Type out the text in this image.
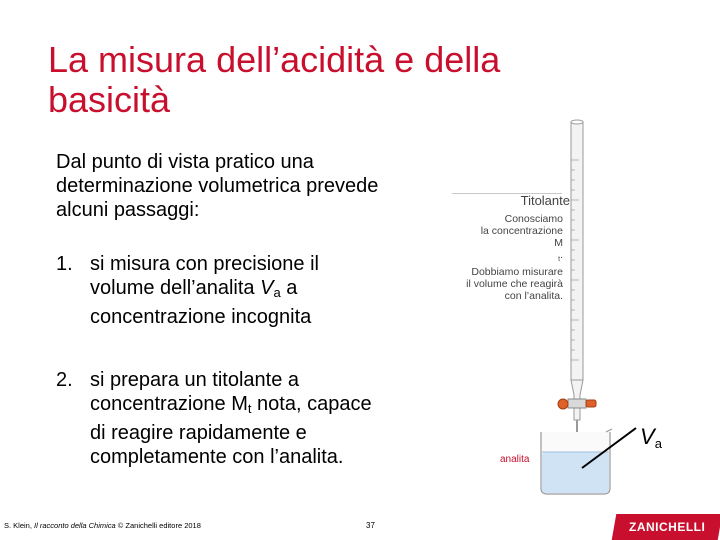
La misura dell’acidità e della
basicità
Dal punto di vista pratico una
determinazione volumetrica prevede
alcuni passaggi:
1. si misura con precisione il
volume dell’analita $V_a$ a
concentrazione incognita
2. si prepara un titolante a
concentrazione $M_t$ nota, capace
di reagire rapidamente e
completamente con l’analita.
Titolante
Conosciamo
la concentrazione
M
$_t$.
Dobbiamo misurare
il volume che reagirà
con l’analita.
analita
$V_a$
S. Klein, Il racconto della Chimica © Zanichelli editore 2018	37	ZANICHELLI
